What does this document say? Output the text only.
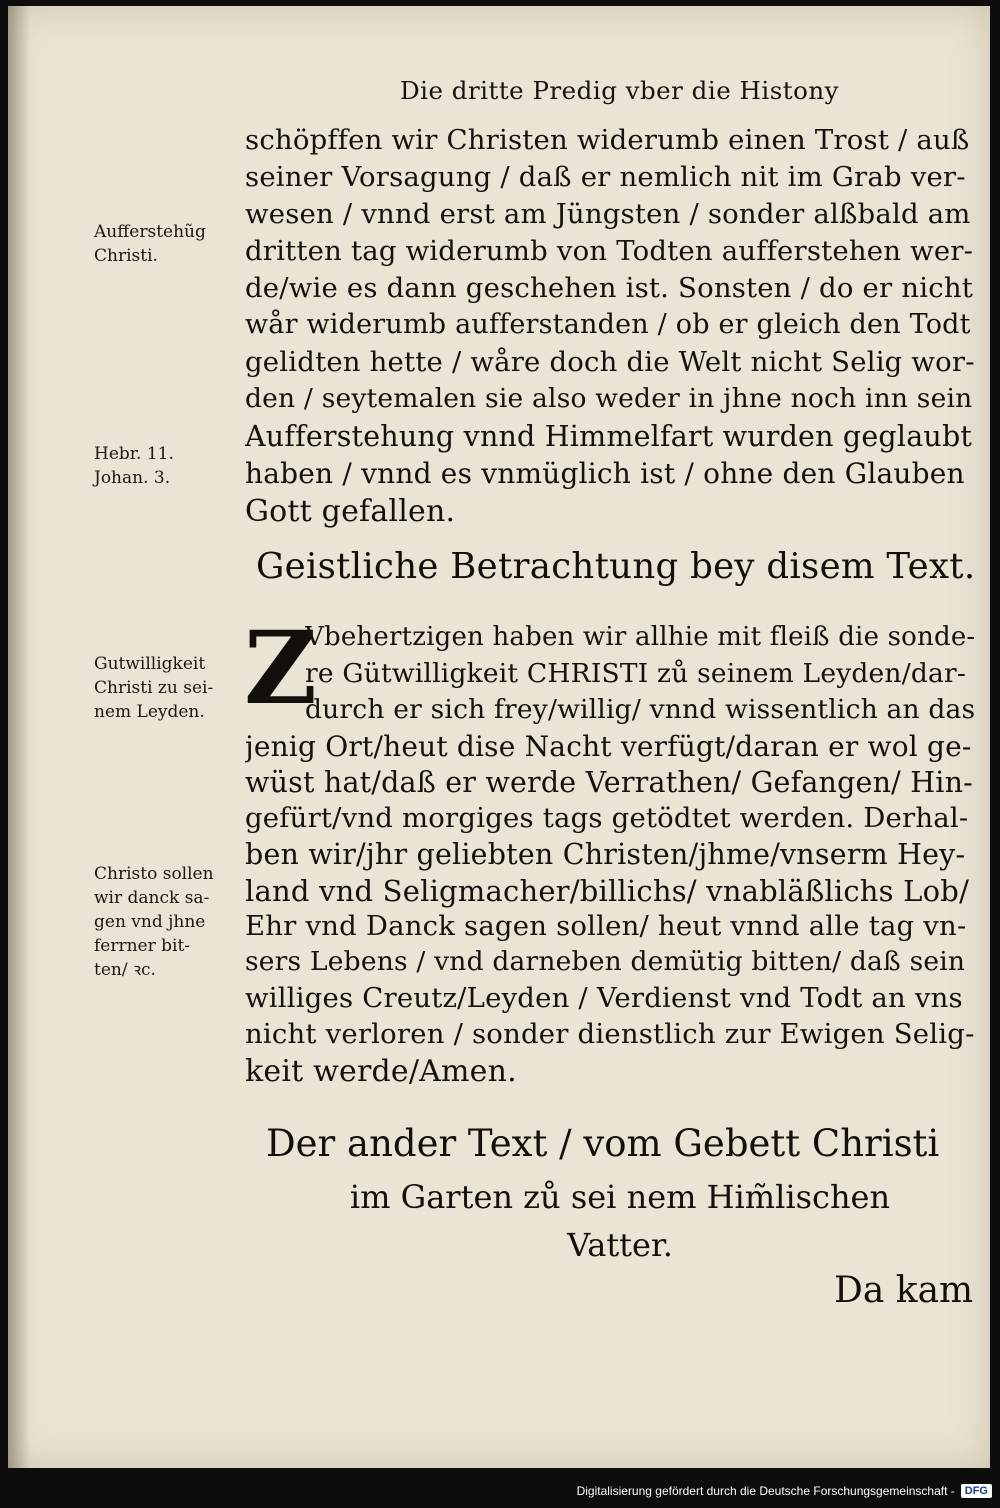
Die dritte Predig vber die Histony
Aufferstehũg
Christi.
Hebr. 11.
Johan. 3.
Gutwilligkeit
Christi zu sei-
nem Leyden.
Christo sollen
wir danck sa-
gen vnd jhne
ferrner bit-
ten/ ꝛc.
schöpffen wir Christen widerumb einen Trost / auß
seiner Vorsagung / daß er nemlich nit im Grab ver-
wesen / vnnd erst am Jüngsten / sonder alßbald am
dritten tag widerumb von Todten aufferstehen wer-
de/wie es dann geschehen ist. Sonsten / do er nicht
wår widerumb aufferstanden / ob er gleich den Todt
gelidten hette / wåre doch die Welt nicht Selig wor-
den / seytemalen sie also weder in jhne noch inn sein
Aufferstehung vnnd Himmelfart wurden geglaubt
haben / vnnd es vnmüglich ist / ohne den Glauben
Gott gefallen.
Geistliche Betrachtung bey disem Text.
Z
Vbehertzigen haben wir allhie mit fleiß die sonde-
re Gütwilligkeit CHRISTI zů seinem Leyden/dar-
durch er sich frey/willig/ vnnd wissentlich an das
jenig Ort/heut dise Nacht verfügt/daran er wol ge-
wüst hat/daß er werde Verrathen/ Gefangen/ Hin-
gefürt/vnd morgiges tags getödtet werden. Derhal-
ben wir/jhr geliebten Christen/jhme/vnserm Hey-
land vnd Seligmacher/billichs/ vnabläßlichs Lob/
Ehr vnd Danck sagen sollen/ heut vnnd alle tag vn-
sers Lebens / vnd darneben demütig bitten/ daß sein
williges Creutz/Leyden / Verdienst vnd Todt an vns
nicht verloren / sonder dienstlich zur Ewigen Selig-
keit werde/Amen.
Der ander Text / vom Gebett Christi
im Garten zů sei nem Him̃lischen
Vatter.
Da kam
Digitalisierung gefördert durch die Deutsche Forschungsgemeinschaft - DFG
